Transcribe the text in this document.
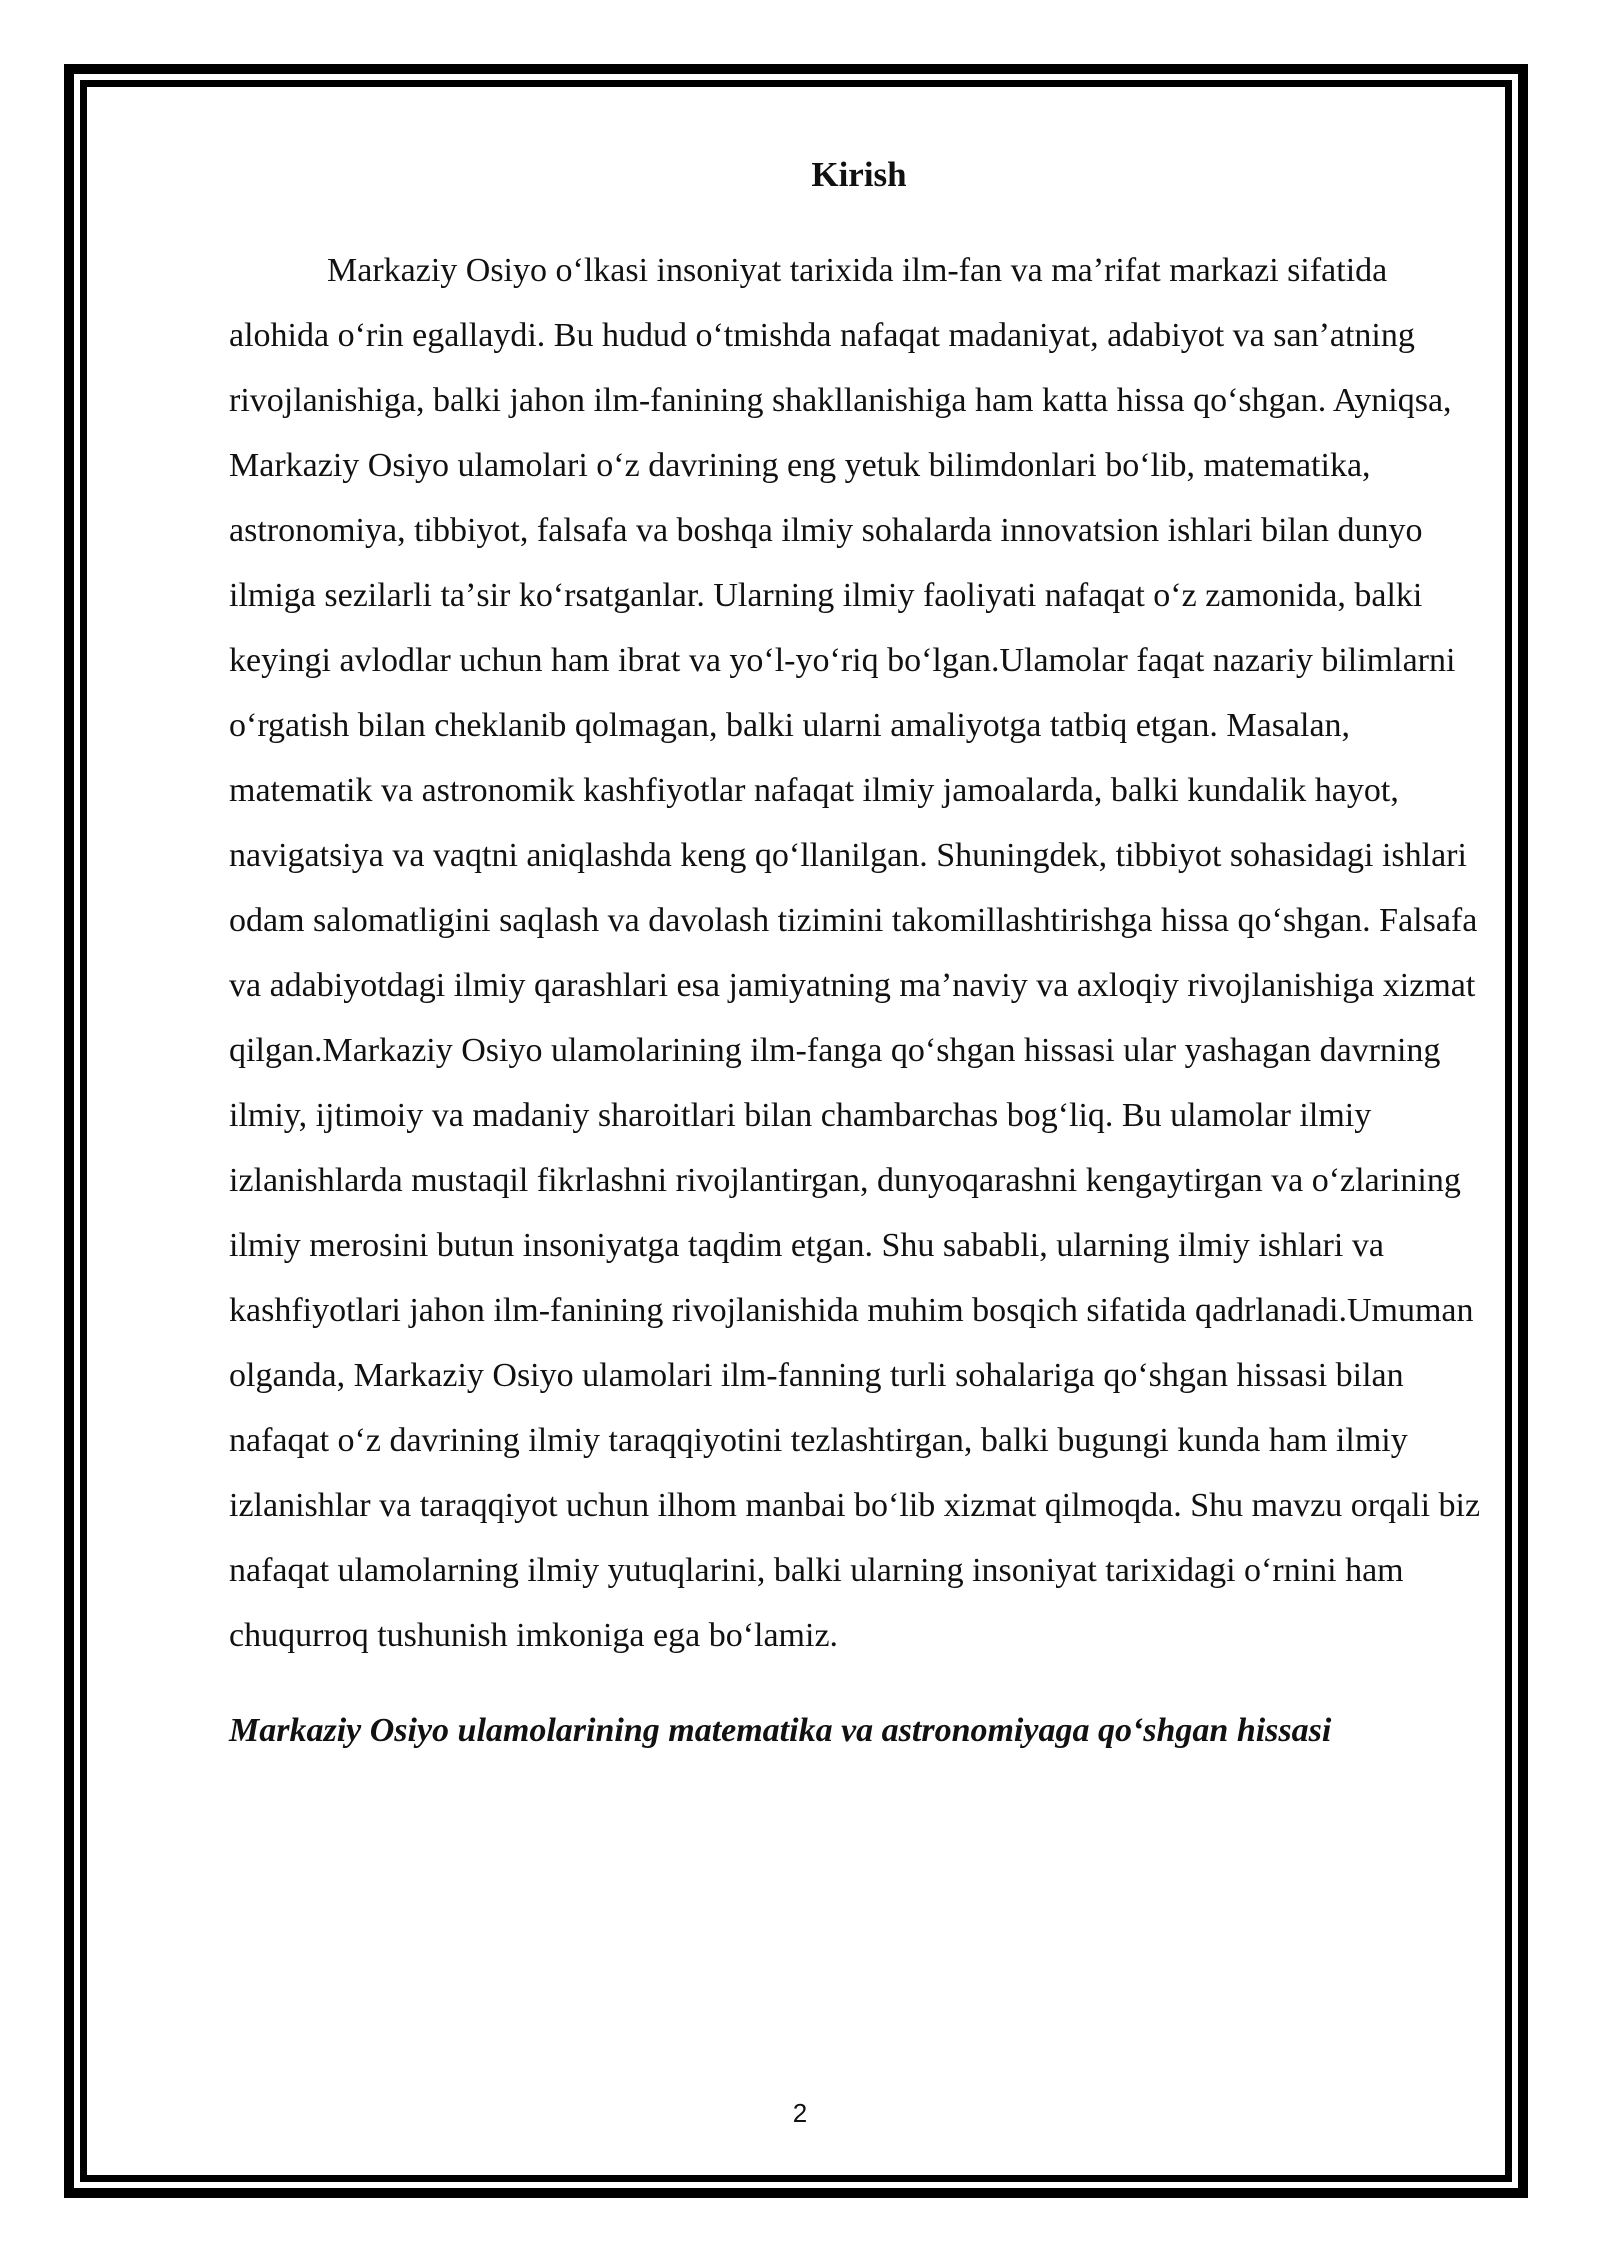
Kirish

Markaziy Osiyo oʻlkasi insoniyat tarixida ilm-fan va maʼrifat markazi sifatida alohida oʻrin egallaydi. Bu hudud oʻtmishda nafaqat madaniyat, adabiyot va sanʼatning rivojlanishiga, balki jahon ilm-fanining shakllanishiga ham katta hissa qoʻshgan. Ayniqsa, Markaziy Osiyo ulamolari oʻz davrining eng yetuk bilimdonlari boʻlib, matematika, astronomiya, tibbiyot, falsafa va boshqa ilmiy sohalarda innovatsion ishlari bilan dunyo ilmiga sezilarli taʼsir koʻrsatganlar. Ularning ilmiy faoliyati nafaqat oʻz zamonida, balki keyingi avlodlar uchun ham ibrat va yoʻl-yoʻriq boʻlgan.Ulamolar faqat nazariy bilimlarni oʻrgatish bilan cheklanib qolmagan, balki ularni amaliyotga tatbiq etgan. Masalan, matematik va astronomik kashfiyotlar nafaqat ilmiy jamoalarda, balki kundalik hayot, navigatsiya va vaqtni aniqlashda keng qoʻllanilgan. Shuningdek, tibbiyot sohasidagi ishlari odam salomatligini saqlash va davolash tizimini takomillashtirishga hissa qoʻshgan. Falsafa va adabiyotdagi ilmiy qarashlari esa jamiyatning maʼnaviy va axloqiy rivojlanishiga xizmat qilgan.Markaziy Osiyo ulamolarining ilm-fanga qoʻshgan hissasi ular yashagan davrning ilmiy, ijtimoiy va madaniy sharoitlari bilan chambarchas bogʻliq. Bu ulamolar ilmiy izlanishlarda mustaqil fikrlashni rivojlantirgan, dunyoqarashni kengaytirgan va oʻzlarining ilmiy merosini butun insoniyatga taqdim etgan. Shu sababli, ularning ilmiy ishlari va kashfiyotlari jahon ilm-fanining rivojlanishida muhim bosqich sifatida qadrlanadi.Umuman olganda, Markaziy Osiyo ulamolari ilm-fanning turli sohalariga qoʻshgan hissasi bilan nafaqat oʻz davrining ilmiy taraqqiyotini tezlashtirgan, balki bugungi kunda ham ilmiy izlanishlar va taraqqiyot uchun ilhom manbai boʻlib xizmat qilmoqda. Shu mavzu orqali biz nafaqat ulamolarning ilmiy yutuqlarini, balki ularning insoniyat tarixidagi oʻrnini ham chuqurroq tushunish imkoniga ega boʻlamiz.

Markaziy Osiyo ulamolarining matematika va astronomiyaga qoʻshgan hissasi
2
